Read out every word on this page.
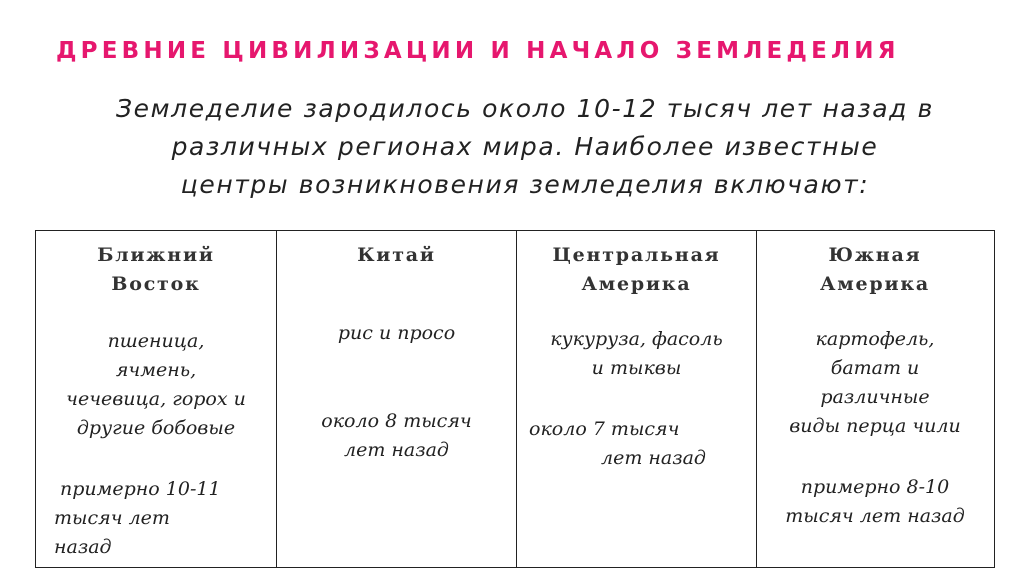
ДРЕВНИЕ ЦИВИЛИЗАЦИИ И НАЧАЛО ЗЕМЛЕДЕЛИЯ
Земледелие зародилось около 10-12 тысяч лет назад в
различных регионах мира. Наиболее известные
центры возникновения земледелия включают:
Ближний
Восток
пшеница,
ячмень,
чечевица, горох и
другие бобовые
примерно 10-11
тысяч лет
назад
Китай
рис и просо
около 8 тысяч
лет назад
Центральная
Америка
кукуруза, фасоль
и тыквы
около 7 тысяч
лет назад
Южная
Америка
картофель,
батат и
различные
виды перца чили
примерно 8-10
тысяч лет назад
